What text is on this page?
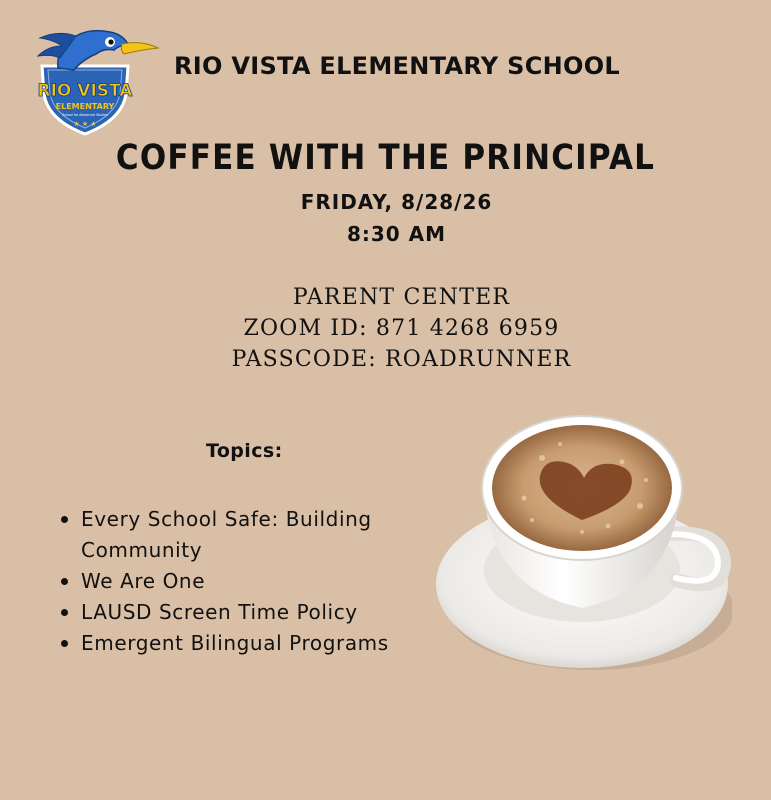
RIO VISTA
ELEMENTARY
School for Advanced Studies
★ ★ ★
RIO VISTA ELEMENTARY SCHOOL
COFFEE WITH THE PRINCIPAL
FRIDAY, 8/28/26
8:30 AM
PARENT CENTER
ZOOM ID: 871 4268 6959
PASSCODE: ROADRUNNER
Topics:
Every School Safe: Building Community
We Are One
LAUSD Screen Time Policy
Emergent Bilingual Programs
